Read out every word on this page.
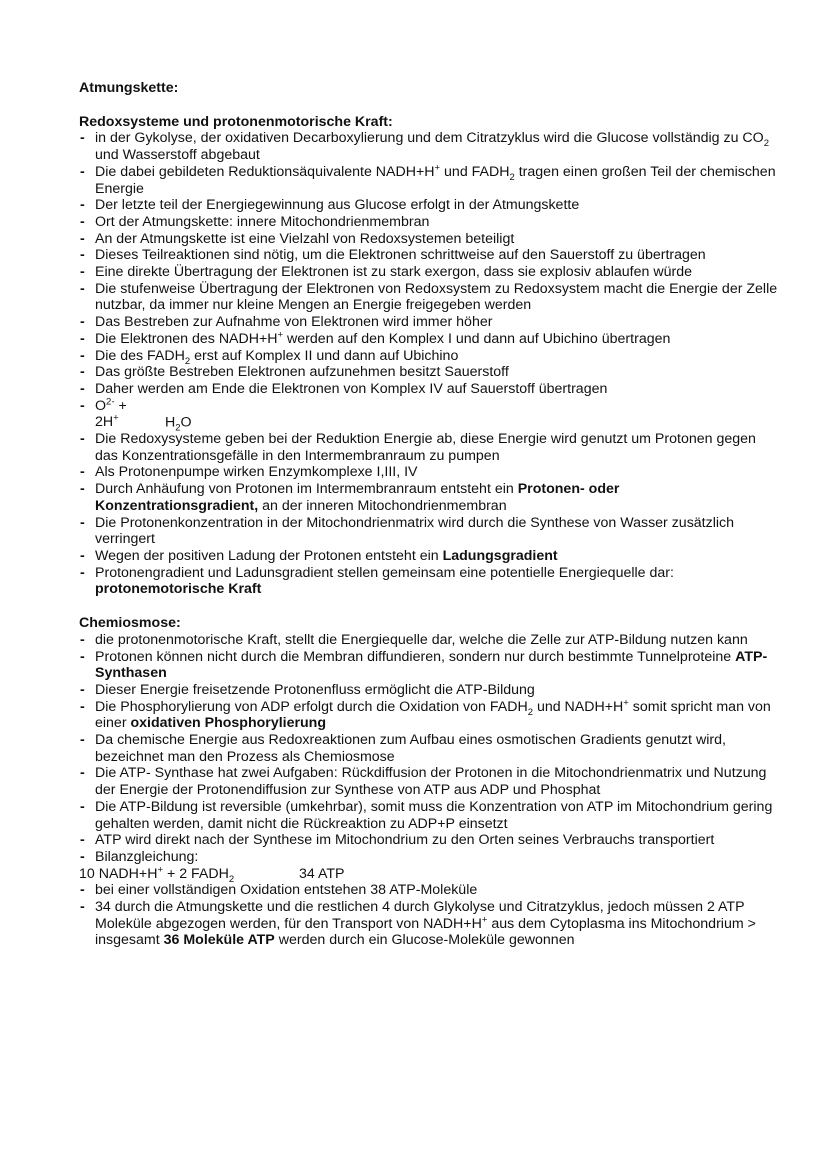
Atmungskette:

Redoxsysteme und protonenmotorische Kraft:

- in der Gykolyse, der oxidativen Decarboxylierung und dem Citratzyklus wird die Glucose vollständig zu $CO_2$ und Wasserstoff abgebaut
- Die dabei gebildeten Reduktionsäquivalente NADH+H+ und $FADH_2$ tragen einen großen Teil der chemischen Energie
- Der letzte teil der Energiegewinnung aus Glucose erfolgt in der Atmungskette
- Ort der Atmungskette: innere Mitochondrienmembran
- An der Atmungskette ist eine Vielzahl von Redoxsystemen beteiligt
- Dieses Teilreaktionen sind nötig, um die Elektronen schrittweise auf den Sauerstoff zu übertragen
- Eine direkte Übertragung der Elektronen ist zu stark exergon, dass sie explosiv ablaufen würde
- Die stufenweise Übertragung der Elektronen von Redoxsystem zu Redoxsystem macht die Energie der Zelle nutzbar, da immer nur kleine Mengen an Energie freigegeben werden
- Das Bestreben zur Aufnahme von Elektronen wird immer höher
- Die Elektronen des NADH+H+ werden auf den Komplex I und dann auf Ubichino übertragen
- Die des $FADH_2$ erst auf Komplex II und dann auf Ubichino
- Das größte Bestreben Elektronen aufzunehmen besitzt Sauerstoff
- Daher werden am Ende die Elektronen von Komplex IV auf Sauerstoff übertragen
- $O^{2-} + 2H^+$	$H_2O$
- Die Redoxysysteme geben bei der Reduktion Energie ab, diese Energie wird genutzt um Protonen gegen das Konzentrationsgefälle in den Intermembranraum zu pumpen
- Als Protonenpumpe wirken Enzymkomplexe I,III, IV
- Durch Anhäufung von Protonen im Intermembranraum entsteht ein Protonen- oder Konzentrationsgradient, an der inneren Mitochondrienmembran
- Die Protonenkonzentration in der Mitochondrienmatrix wird durch die Synthese von Wasser zusätzlich verringert
- Wegen der positiven Ladung der Protonen entsteht ein Ladungsgradient
- Protonengradient und Ladunsgradient stellen gemeinsam eine potentielle Energiequelle dar: protonemotorische Kraft

Chemiosmose:

- die protonenmotorische Kraft, stellt die Energiequelle dar, welche die Zelle zur ATP-Bildung nutzen kann
- Protonen können nicht durch die Membran diffundieren, sondern nur durch bestimmte Tunnelproteine ATP- Synthasen
- Dieser Energie freisetzende Protonenfluss ermöglicht die ATP-Bildung
- Die Phosphorylierung von ADP erfolgt durch die Oxidation von $FADH_2$ und NADH+H+ somit spricht man von einer oxidativen Phosphorylierung
- Da chemische Energie aus Redoxreaktionen zum Aufbau eines osmotischen Gradients genutzt wird, bezeichnet man den Prozess als Chemiosmose
- Die ATP- Synthase hat zwei Aufgaben: Rückdiffusion der Protonen in die Mitochondrienmatrix und Nutzung der Energie der Protonendiffusion zur Synthese von ATP aus ADP und Phosphat
- Die ATP-Bildung ist reversible (umkehrbar), somit muss die Konzentration von ATP im Mitochondrium gering gehalten werden, damit nicht die Rückreaktion zu ADP+P einsetzt
- ATP wird direkt nach der Synthese im Mitochondrium zu den Orten seines Verbrauchs transportiert
- Bilanzgleichung:
10 NADH+H+ + 2 $FADH_2$	34 ATP
- bei einer vollständigen Oxidation entstehen 38 ATP-Moleküle
- 34 durch die Atmungskette und die restlichen 4 durch Glykolyse und Citratzyklus, jedoch müssen 2 ATP Moleküle abgezogen werden, für den Transport von NADH+H+ aus dem Cytoplasma ins Mitochondrium > insgesamt 36 Moleküle ATP werden durch ein Glucose-Moleküle gewonnen
